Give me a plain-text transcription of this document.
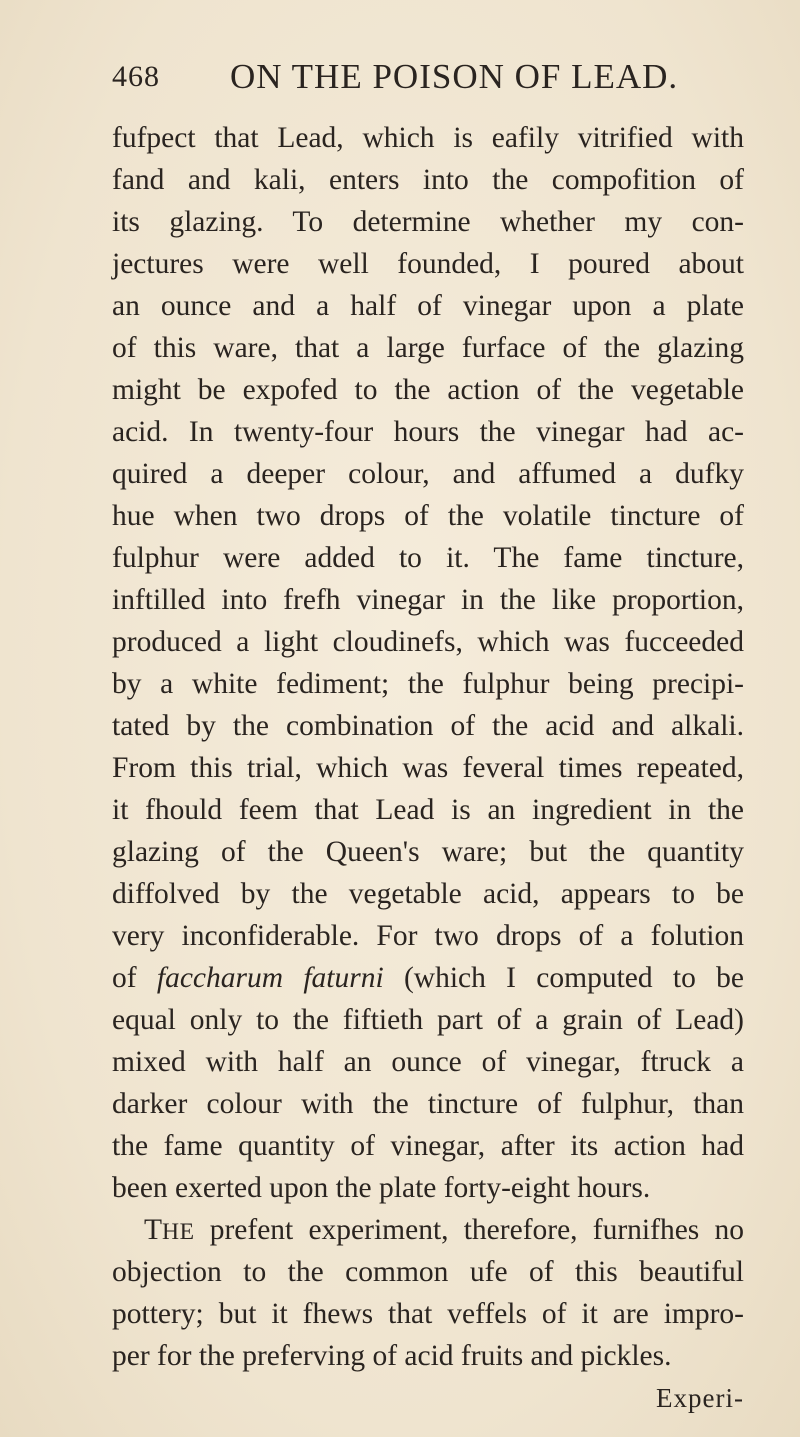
468 ON THE POISON OF LEAD.
fufpect that Lead, which is eafily vitrified with
fand and kali, enters into the compofition of
its glazing. To determine whether my con-
jectures were well founded, I poured about
an ounce and a half of vinegar upon a plate
of this ware, that a large furface of the glazing
might be expofed to the action of the vegetable
acid. In twenty-four hours the vinegar had ac-
quired a deeper colour, and affumed a dufky
hue when two drops of the volatile tincture of
fulphur were added to it. The fame tincture,
inftilled into frefh vinegar in the like proportion,
produced a light cloudinefs, which was fucceeded
by a white fediment; the fulphur being precipi-
tated by the combination of the acid and alkali.
From this trial, which was feveral times repeated,
it fhould feem that Lead is an ingredient in the
glazing of the Queen's ware; but the quantity
diffolved by the vegetable acid, appears to be
very inconfiderable. For two drops of a folution
of faccharum faturni (which I computed to be
equal only to the fiftieth part of a grain of Lead)
mixed with half an ounce of vinegar, ftruck a
darker colour with the tincture of fulphur, than
the fame quantity of vinegar, after its action had
been exerted upon the plate forty-eight hours.
THE prefent experiment, therefore, furnifhes no
objection to the common ufe of this beautiful
pottery; but it fhews that veffels of it are impro-
per for the preferving of acid fruits and pickles.
Experi-
